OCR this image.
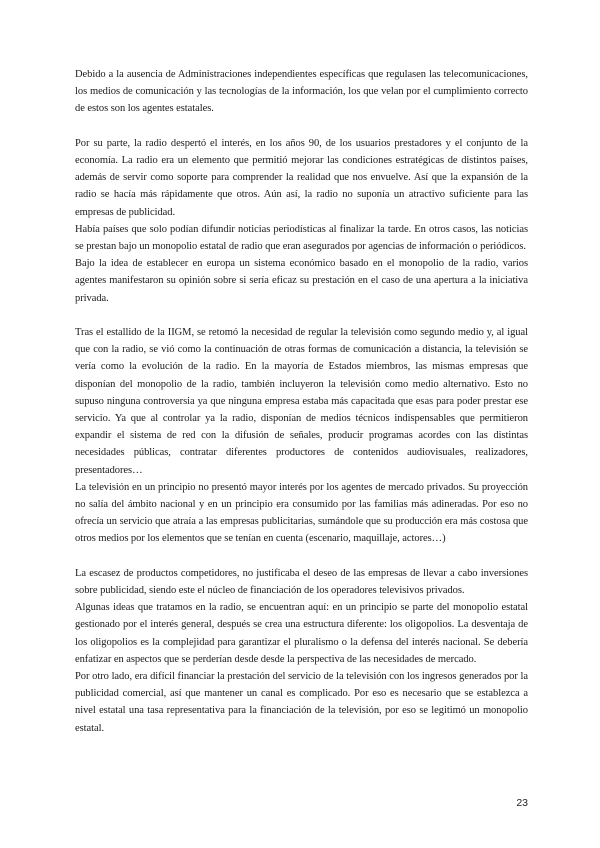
Debido a la ausencia de Administraciones independientes específicas que regulasen las telecomunicaciones, los medios de comunicación y las tecnologías de la información, los que velan por el cumplimiento correcto de estos son los agentes estatales.

Por su parte, la radio despertó el interés, en los años 90, de los usuarios prestadores y el conjunto de la economía. La radio era un elemento que permitió mejorar las condiciones estratégicas de distintos países, además de servir como soporte para comprender la realidad que nos envuelve. Así que la expansión de la radio se hacía más rápidamente que otros. Aún así, la radio no suponía un atractivo suficiente para las empresas de publicidad.

Había países que solo podían difundir noticias periodísticas al finalizar la tarde. En otros casos, las noticias se prestan bajo un monopolio estatal de radio que eran asegurados por agencias de información o periódicos.

Bajo la idea de establecer en europa un sistema económico basado en el monopolio de la radio, varios agentes manifestaron su opinión sobre si sería eficaz su prestación en el caso de una apertura a la iniciativa privada.

Tras el estallido de la IIGM, se retomó la necesidad de regular la televisión como segundo medio y, al igual que con la radio, se vió como la continuación de otras formas de comunicación a distancia, la televisión se vería como la evolución de la radio. En la mayoría de Estados miembros, las mismas empresas que disponían del monopolio de la radio, también incluyeron la televisión como medio alternativo. Esto no supuso ninguna controversia ya que ninguna empresa estaba más capacitada que esas para poder prestar ese servicio. Ya que al controlar ya la radio, disponían de medios técnicos indispensables que permitieron expandir el sistema de red con la difusión de señales, producir programas acordes con las distintas necesidades públicas, contratar diferentes productores de contenidos audiovisuales, realizadores, presentadores…

La televisión en un principio no presentó mayor interés por los agentes de mercado privados. Su proyección no salía del ámbito nacional y en un principio era consumido por las familias más adineradas. Por eso no ofrecía un servicio que atraía a las empresas publicitarias, sumándole que su producción era más costosa que otros medios por los elementos que se tenían en cuenta (escenario, maquillaje, actores…)

La escasez de productos competidores, no justificaba el deseo de las empresas de llevar a cabo inversiones sobre publicidad, siendo este el núcleo de financiación de los operadores televisivos privados.

Algunas ideas que tratamos en la radio, se encuentran aquí: en un principio se parte del monopolio estatal gestionado por el interés general, después se crea una estructura diferente: los oligopolios. La desventaja de los oligopolios es la complejidad para garantizar el pluralismo o la defensa del interés nacional. Se debería enfatizar en aspectos que se perderían desde desde la perspectiva de las necesidades de mercado.

Por otro lado, era difícil financiar la prestación del servicio de la televisión con los ingresos generados por la publicidad comercial, así que mantener un canal es complicado. Por eso es necesario que se establezca a nivel estatal una tasa representativa para la financiación de la televisión, por eso se legitimó un monopolio estatal.

23
